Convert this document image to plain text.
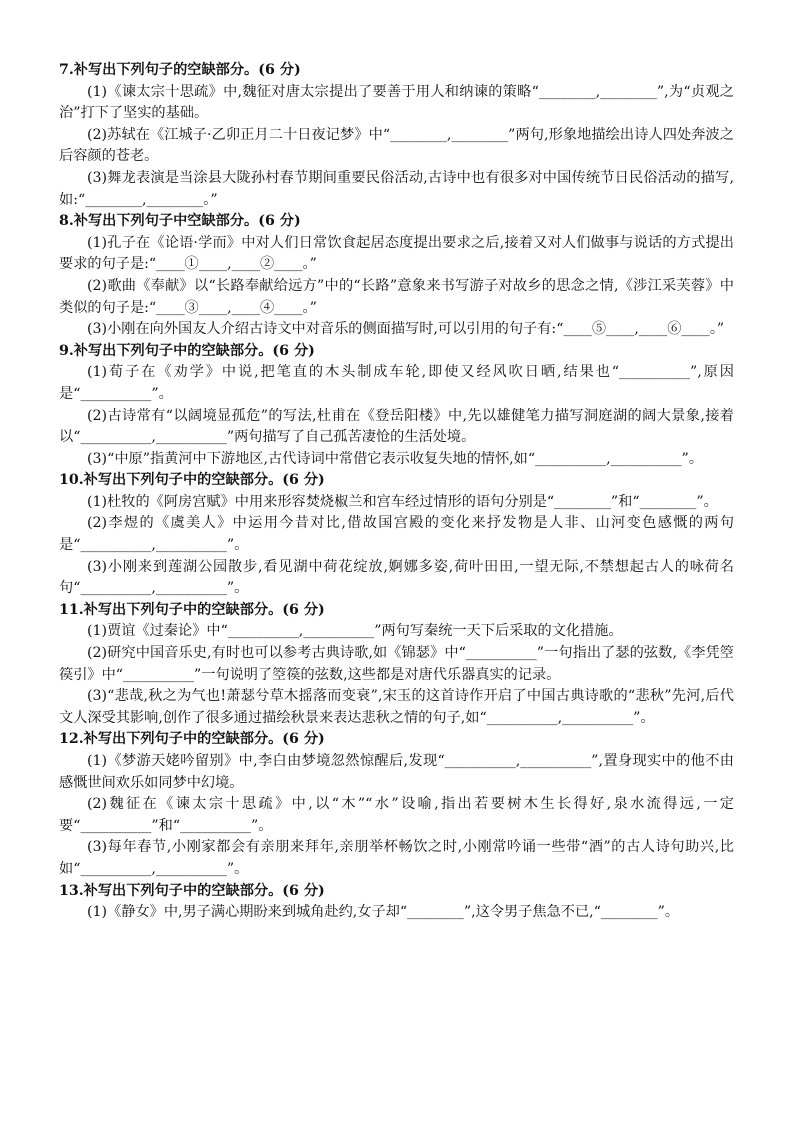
7.补写出下列句子的空缺部分。(6 分)
(1)《谏太宗十思疏》中,魏征对唐太宗提出了要善于用人和纳谏的策略“________,________”,为“贞观之治”打下了坚实的基础。
(2)苏轼在《江城子·乙卯正月二十日夜记梦》中“________,________”两句,形象地描绘出诗人四处奔波之后容颜的苍老。
(3)舞龙表演是当涂县大陇孙村春节期间重要民俗活动,古诗中也有很多对中国传统节日民俗活动的描写,如:“________,________。”
8.补写出下列句子中空缺部分。(6 分)
(1)孔子在《论语·学而》中对人们日常饮食起居态度提出要求之后,接着又对人们做事与说话的方式提出要求的句子是:“____①____,____②____。”
(2)歌曲《奉献》以“长路奉献给远方”中的“长路”意象来书写游子对故乡的思念之情,《涉江采芙蓉》中类似的句子是:“____③____,____④____。”
(3)小刚在向外国友人介绍古诗文中对音乐的侧面描写时,可以引用的句子有:“____⑤____,____⑥____。”
9.补写出下列句子中的空缺部分。(6 分)
(1)荀子在《劝学》中说,把笔直的木头制成车轮,即使又经风吹日晒,结果也“__________”,原因是“__________”。
(2)古诗常有“以阔境显孤危”的写法,杜甫在《登岳阳楼》中,先以雄健笔力描写洞庭湖的阔大景象,接着以“__________,__________”两句描写了自己孤苦凄怆的生活处境。
(3)“中原”指黄河中下游地区,古代诗词中常借它表示收复失地的情怀,如“__________,__________”。
10.补写出下列句子中的空缺部分。(6 分)
(1)杜牧的《阿房宫赋》中用来形容焚烧椒兰和宫车经过情形的语句分别是“________”和“________”。
(2)李煜的《虞美人》中运用今昔对比,借故国宫殿的变化来抒发物是人非、山河变色感慨的两句是“__________,__________”。
(3)小刚来到莲湖公园散步,看见湖中荷花绽放,婀娜多姿,荷叶田田,一望无际,不禁想起古人的咏荷名句“__________,__________”。
11.补写出下列句子中的空缺部分。(6 分)
(1)贾谊《过秦论》中“__________,__________”两句写秦统一天下后采取的文化措施。
(2)研究中国音乐史,有时也可以参考古典诗歌,如《锦瑟》中“__________”一句指出了瑟的弦数,《李凭箜篌引》中“__________”一句说明了箜篌的弦数,这些都是对唐代乐器真实的记录。
(3)“悲哉,秋之为气也!萧瑟兮草木摇落而变衰”,宋玉的这首诗作开启了中国古典诗歌的“悲秋”先河,后代文人深受其影响,创作了很多通过描绘秋景来表达悲秋之情的句子,如“__________,__________”。
12.补写出下列句子中的空缺部分。(6 分)
(1)《梦游天姥吟留别》中,李白由梦境忽然惊醒后,发现“__________,__________”,置身现实中的他不由感慨世间欢乐如同梦中幻境。
(2)魏征在《谏太宗十思疏》中,以“木”“水”设喻,指出若要树木生长得好,泉水流得远,一定要“__________”和“__________”。
(3)每年春节,小刚家都会有亲朋来拜年,亲朋举杯畅饮之时,小刚常吟诵一些带“酒”的古人诗句助兴,比如“__________,__________”。
13.补写出下列句子中的空缺部分。(6 分)
(1)《静女》中,男子满心期盼来到城角赴约,女子却“________”,这令男子焦急不已,“________”。
